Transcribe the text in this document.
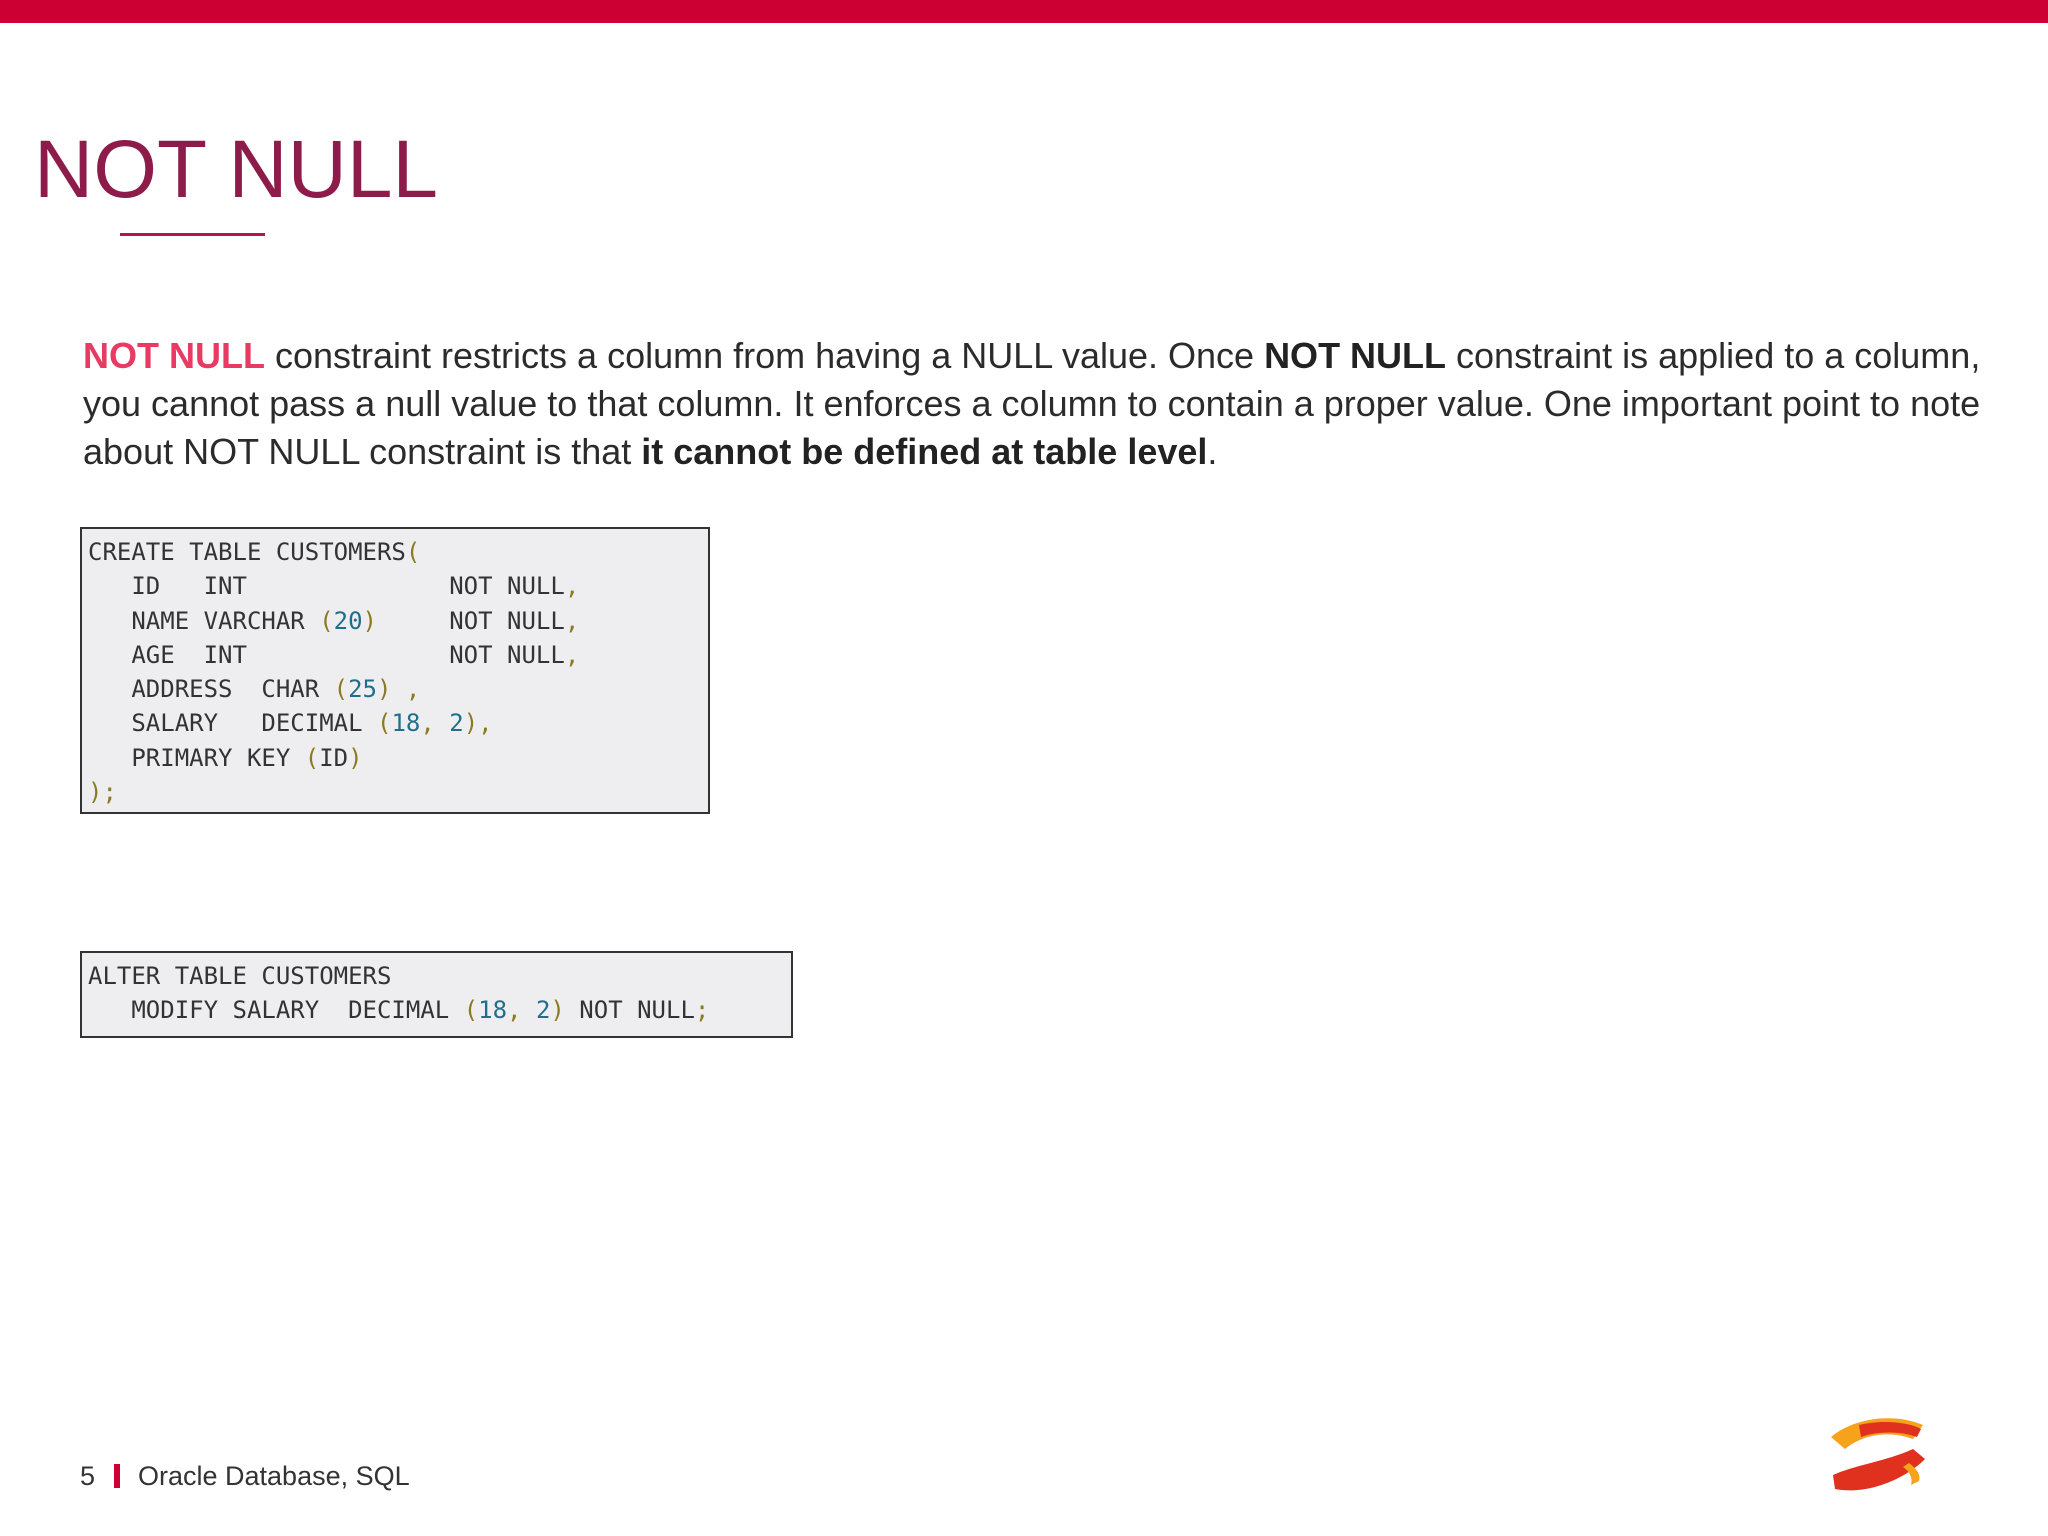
NOT NULL

NOT NULL constraint restricts a column from having a NULL value. Once NOT NULL constraint is applied to a column, you cannot pass a null value to that column. It enforces a column to contain a proper value. One important point to note about NOT NULL constraint is that it cannot be defined at table level.

CREATE TABLE CUSTOMERS(
ID   INT              NOT NULL,
NAME VARCHAR (20)     NOT NULL,
AGE  INT              NOT NULL,
ADDRESS  CHAR (25) ,
SALARY   DECIMAL (18, 2),
PRIMARY KEY (ID)
);
ALTER TABLE CUSTOMERS
MODIFY SALARY  DECIMAL (18, 2) NOT NULL;
5 Oracle Database, SQL
